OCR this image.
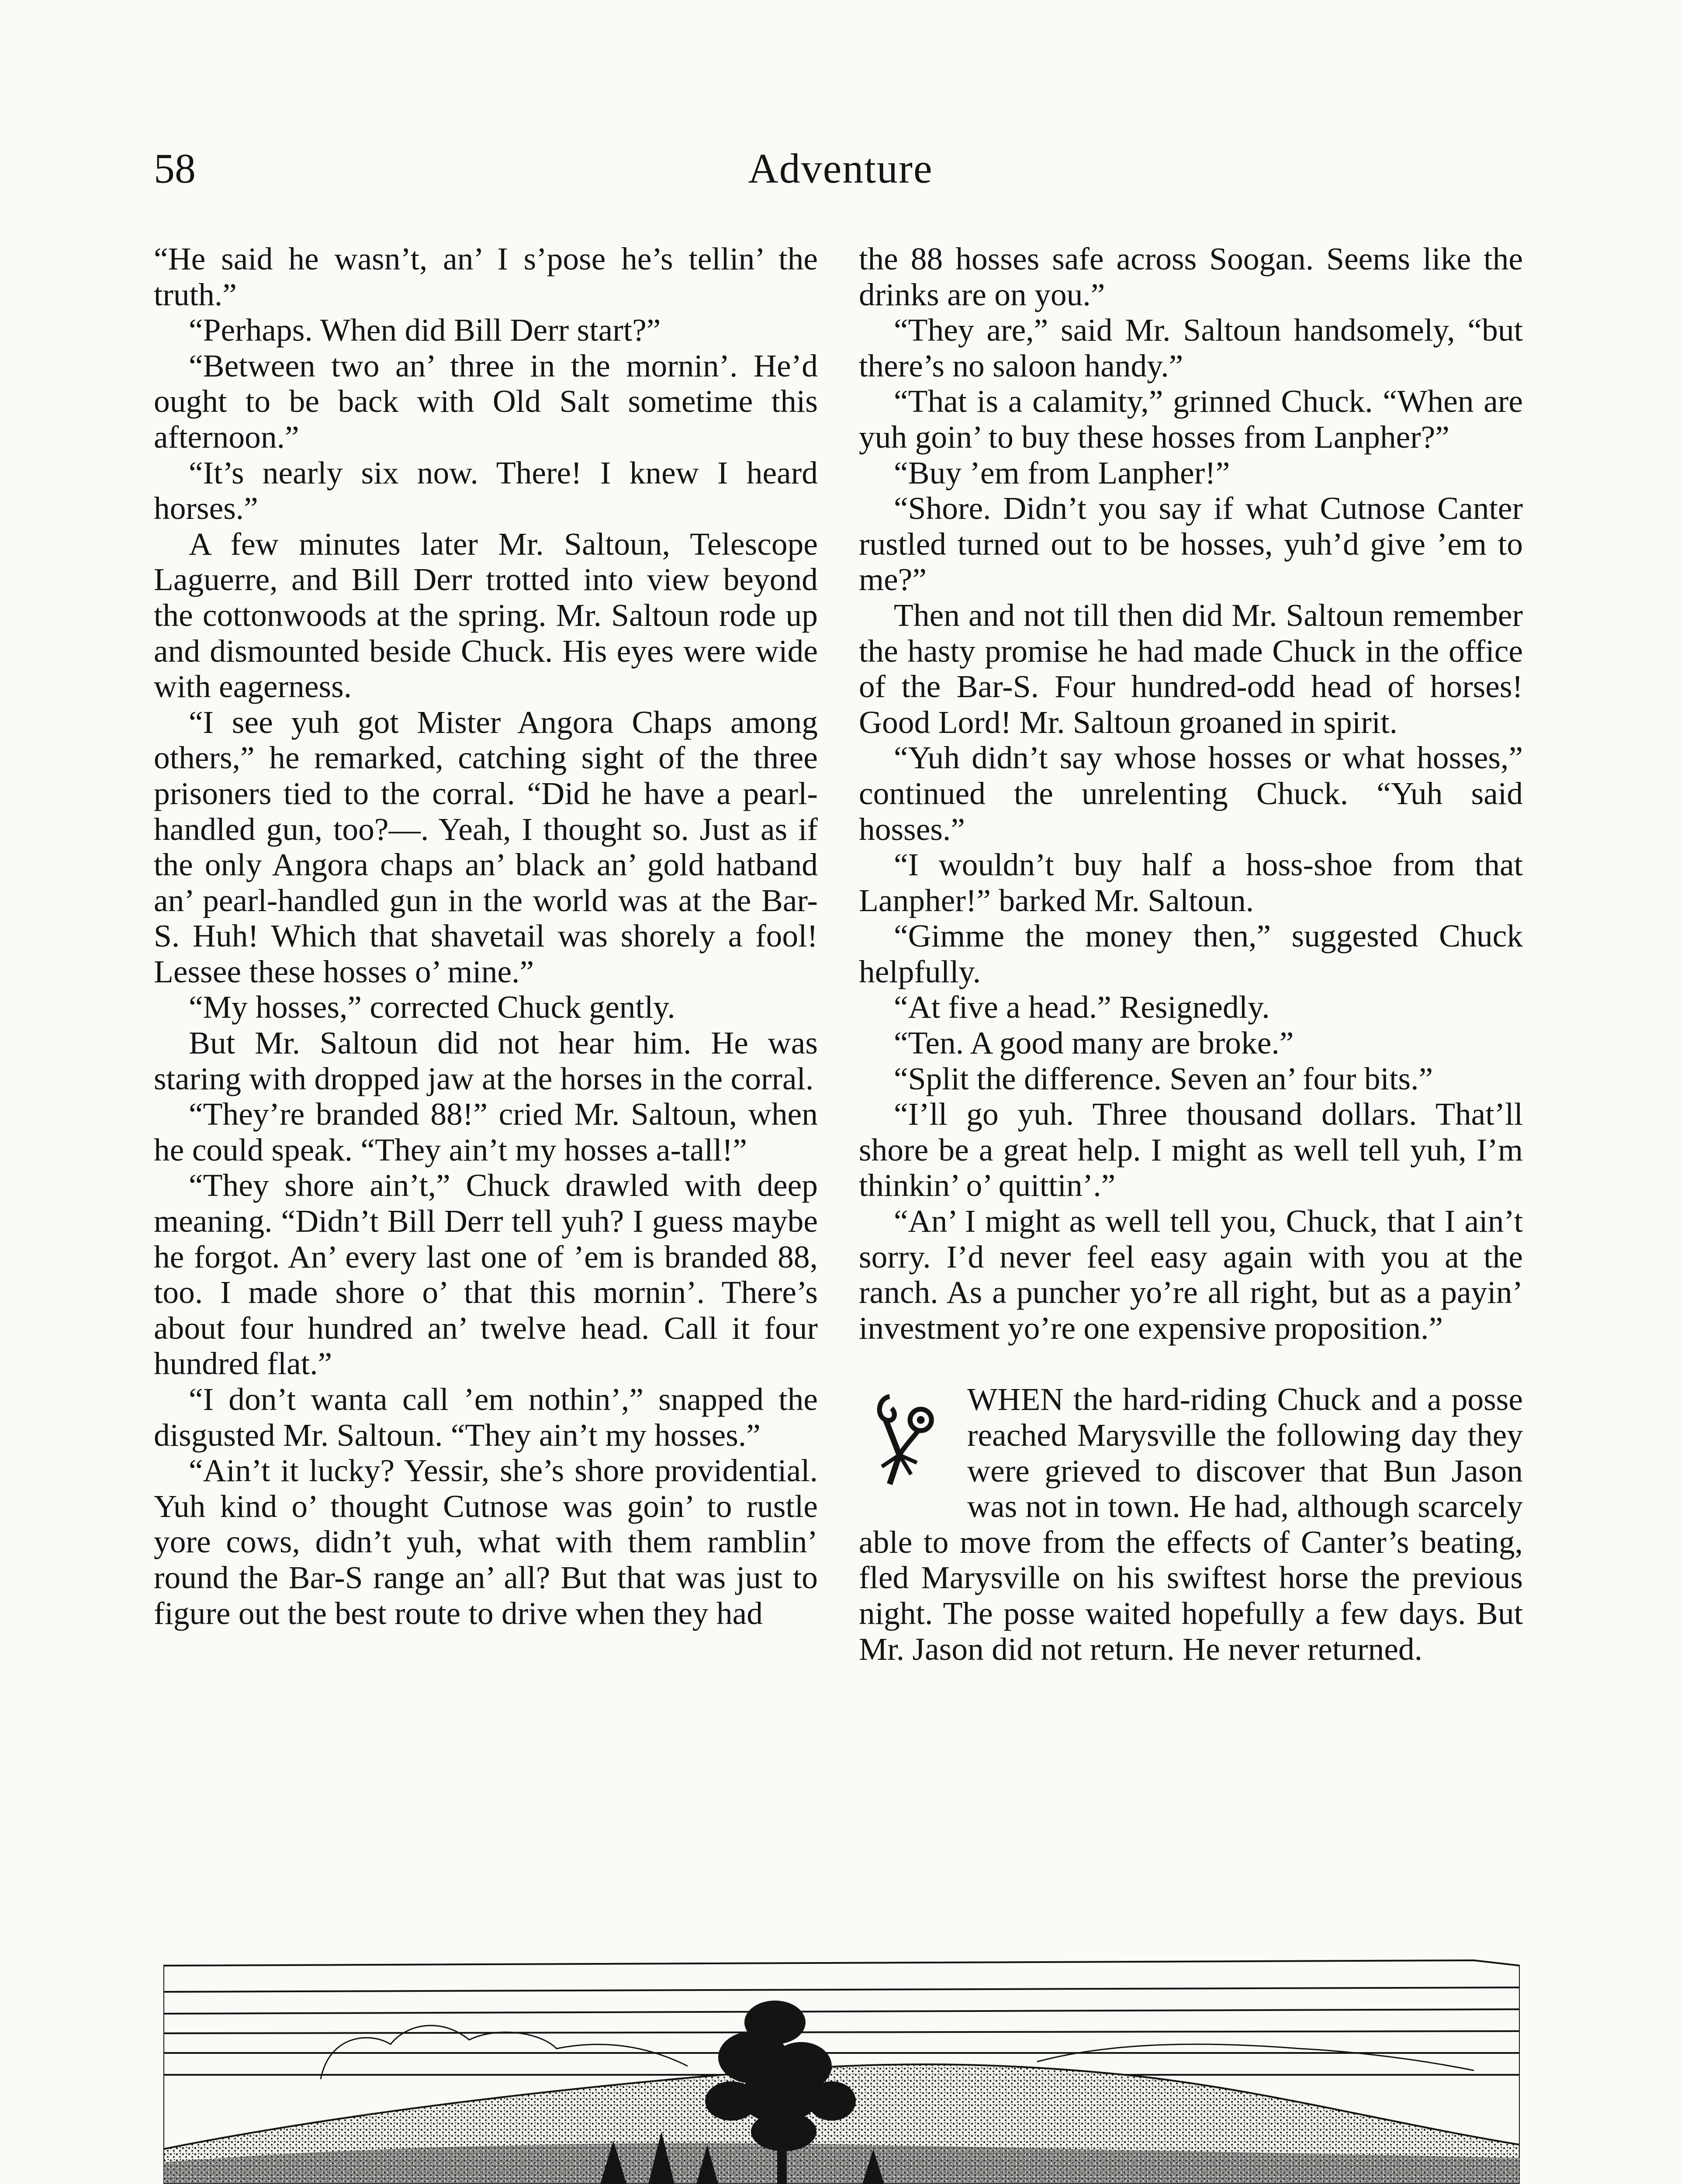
58	Adventure

“He said he wasn’t, an’ I s’pose he’s tellin’ the truth.”

“Perhaps. When did Bill Derr start?”

“Between two an’ three in the mornin’. He’d ought to be back with Old Salt sometime this afternoon.”

“It’s nearly six now. There! I knew I heard horses.”

A few minutes later Mr. Saltoun, Telescope Laguerre, and Bill Derr trotted into view beyond the cottonwoods at the spring. Mr. Saltoun rode up and dismounted beside Chuck. His eyes were wide with eagerness.

“I see yuh got Mister Angora Chaps among others,” he remarked, catching sight of the three prisoners tied to the corral. “Did he have a pearl-handled gun, too?—. Yeah, I thought so. Just as if the only Angora chaps an’ black an’ gold hatband an’ pearl-handled gun in the world was at the Bar-S. Huh! Which that shavetail was shorely a fool! Lessee these hosses o’ mine.”

“My hosses,” corrected Chuck gently.

But Mr. Saltoun did not hear him. He was staring with dropped jaw at the horses in the corral.

“They’re branded 88!” cried Mr. Saltoun, when he could speak. “They ain’t my hosses a-tall!”

“They shore ain’t,” Chuck drawled with deep meaning. “Didn’t Bill Derr tell yuh? I guess maybe he forgot. An’ every last one of ’em is branded 88, too. I made shore o’ that this mornin’. There’s about four hundred an’ twelve head. Call it four hundred flat.”

“I don’t wanta call ’em nothin’,” snapped the disgusted Mr. Saltoun. “They ain’t my hosses.”

“Ain’t it lucky? Yessir, she’s shore providential. Yuh kind o’ thought Cutnose was goin’ to rustle yore cows, didn’t yuh, what with them ramblin’ round the Bar-S range an’ all? But that was just to figure out the best route to drive when they had

the 88 hosses safe across Soogan. Seems like the drinks are on you.”

“They are,” said Mr. Saltoun handsomely, “but there’s no saloon handy.”

“That is a calamity,” grinned Chuck. “When are yuh goin’ to buy these hosses from Lanpher?”

“Buy ’em from Lanpher!”

“Shore. Didn’t you say if what Cutnose Canter rustled turned out to be hosses, yuh’d give ’em to me?”

Then and not till then did Mr. Saltoun remember the hasty promise he had made Chuck in the office of the Bar-S. Four hundred-odd head of horses! Good Lord! Mr. Saltoun groaned in spirit.

“Yuh didn’t say whose hosses or what hosses,” continued the unrelenting Chuck. “Yuh said hosses.”

“I wouldn’t buy half a hoss-shoe from that Lanpher!” barked Mr. Saltoun.

“Gimme the money then,” suggested Chuck helpfully.

“At five a head.” Resignedly.

“Ten. A good many are broke.”

“Split the difference. Seven an’ four bits.”

“I’ll go yuh. Three thousand dollars. That’ll shore be a great help. I might as well tell yuh, I’m thinkin’ o’ quittin’.”

“An’ I might as well tell you, Chuck, that I ain’t sorry. I’d never feel easy again with you at the ranch. As a puncher yo’re all right, but as a payin’ investment yo’re one expensive proposition.”

WHEN the hard-riding Chuck and a posse reached Marysville the following day they were grieved to discover that Bun Jason was not in town. He had, although scarcely able to move from the effects of Canter’s beating, fled Marysville on his swiftest horse the previous night. The posse waited hopefully a few days. But Mr. Jason did not return. He never returned.
